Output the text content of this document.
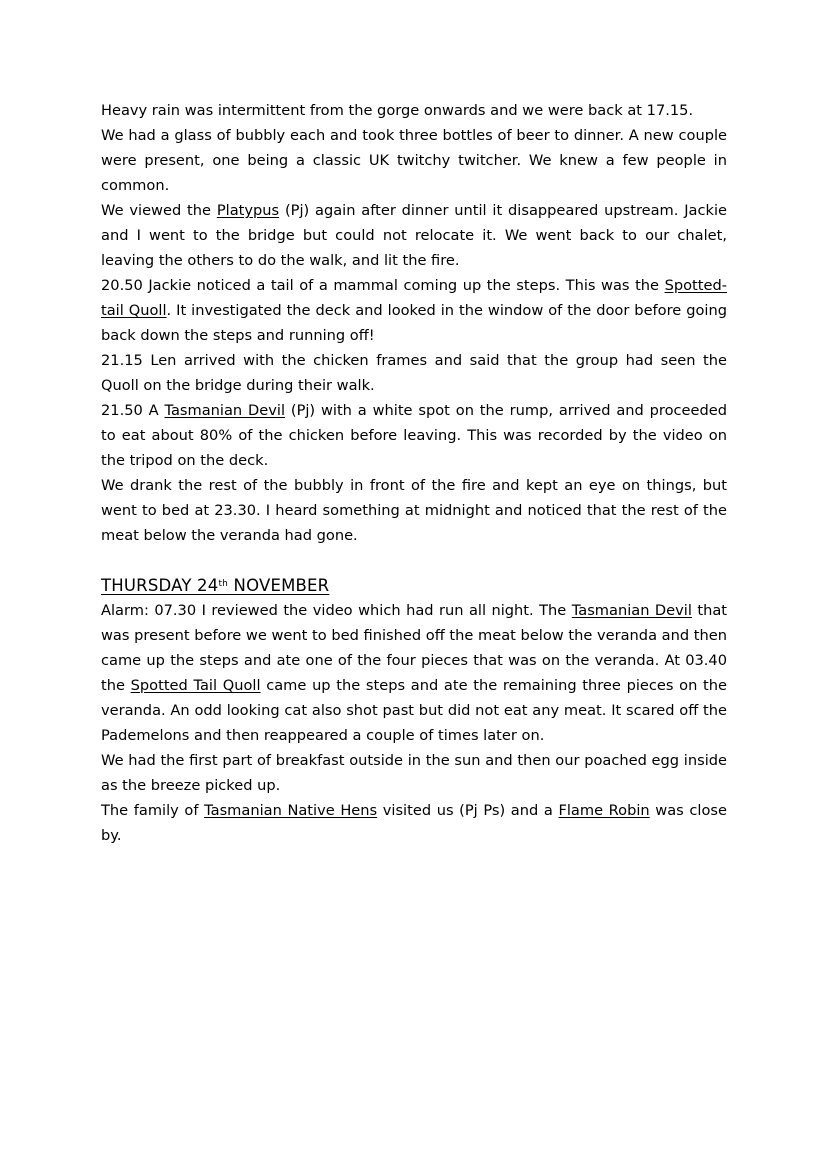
Heavy rain was intermittent from the gorge onwards and we were back at 17.15.

We had a glass of bubbly each and took three bottles of beer to dinner. A new couple were present, one being a classic UK twitchy twitcher. We knew a few people in common.

We viewed the Platypus (Pj) again after dinner until it disappeared upstream. Jackie and I went to the bridge but could not relocate it. We went back to our chalet, leaving the others to do the walk, and lit the fire.

20.50 Jackie noticed a tail of a mammal coming up the steps. This was the Spotted-tail Quoll. It investigated the deck and looked in the window of the door before going back down the steps and running off!

21.15 Len arrived with the chicken frames and said that the group had seen the Quoll on the bridge during their walk.

21.50 A Tasmanian Devil (Pj) with a white spot on the rump, arrived and proceeded to eat about 80% of the chicken before leaving. This was recorded by the video on the tripod on the deck.

We drank the rest of the bubbly in front of the fire and kept an eye on things, but went to bed at 23.30. I heard something at midnight and noticed that the rest of the meat below the veranda had gone.

THURSDAY 24th NOVEMBER

Alarm: 07.30 I reviewed the video which had run all night. The Tasmanian Devil that was present before we went to bed finished off the meat below the veranda and then came up the steps and ate one of the four pieces that was on the veranda. At 03.40 the Spotted Tail Quoll came up the steps and ate the remaining three pieces on the veranda. An odd looking cat also shot past but did not eat any meat. It scared off the Pademelons and then reappeared a couple of times later on.

We had the first part of breakfast outside in the sun and then our poached egg inside as the breeze picked up.

The family of Tasmanian Native Hens visited us (Pj Ps) and a Flame Robin was close by.
